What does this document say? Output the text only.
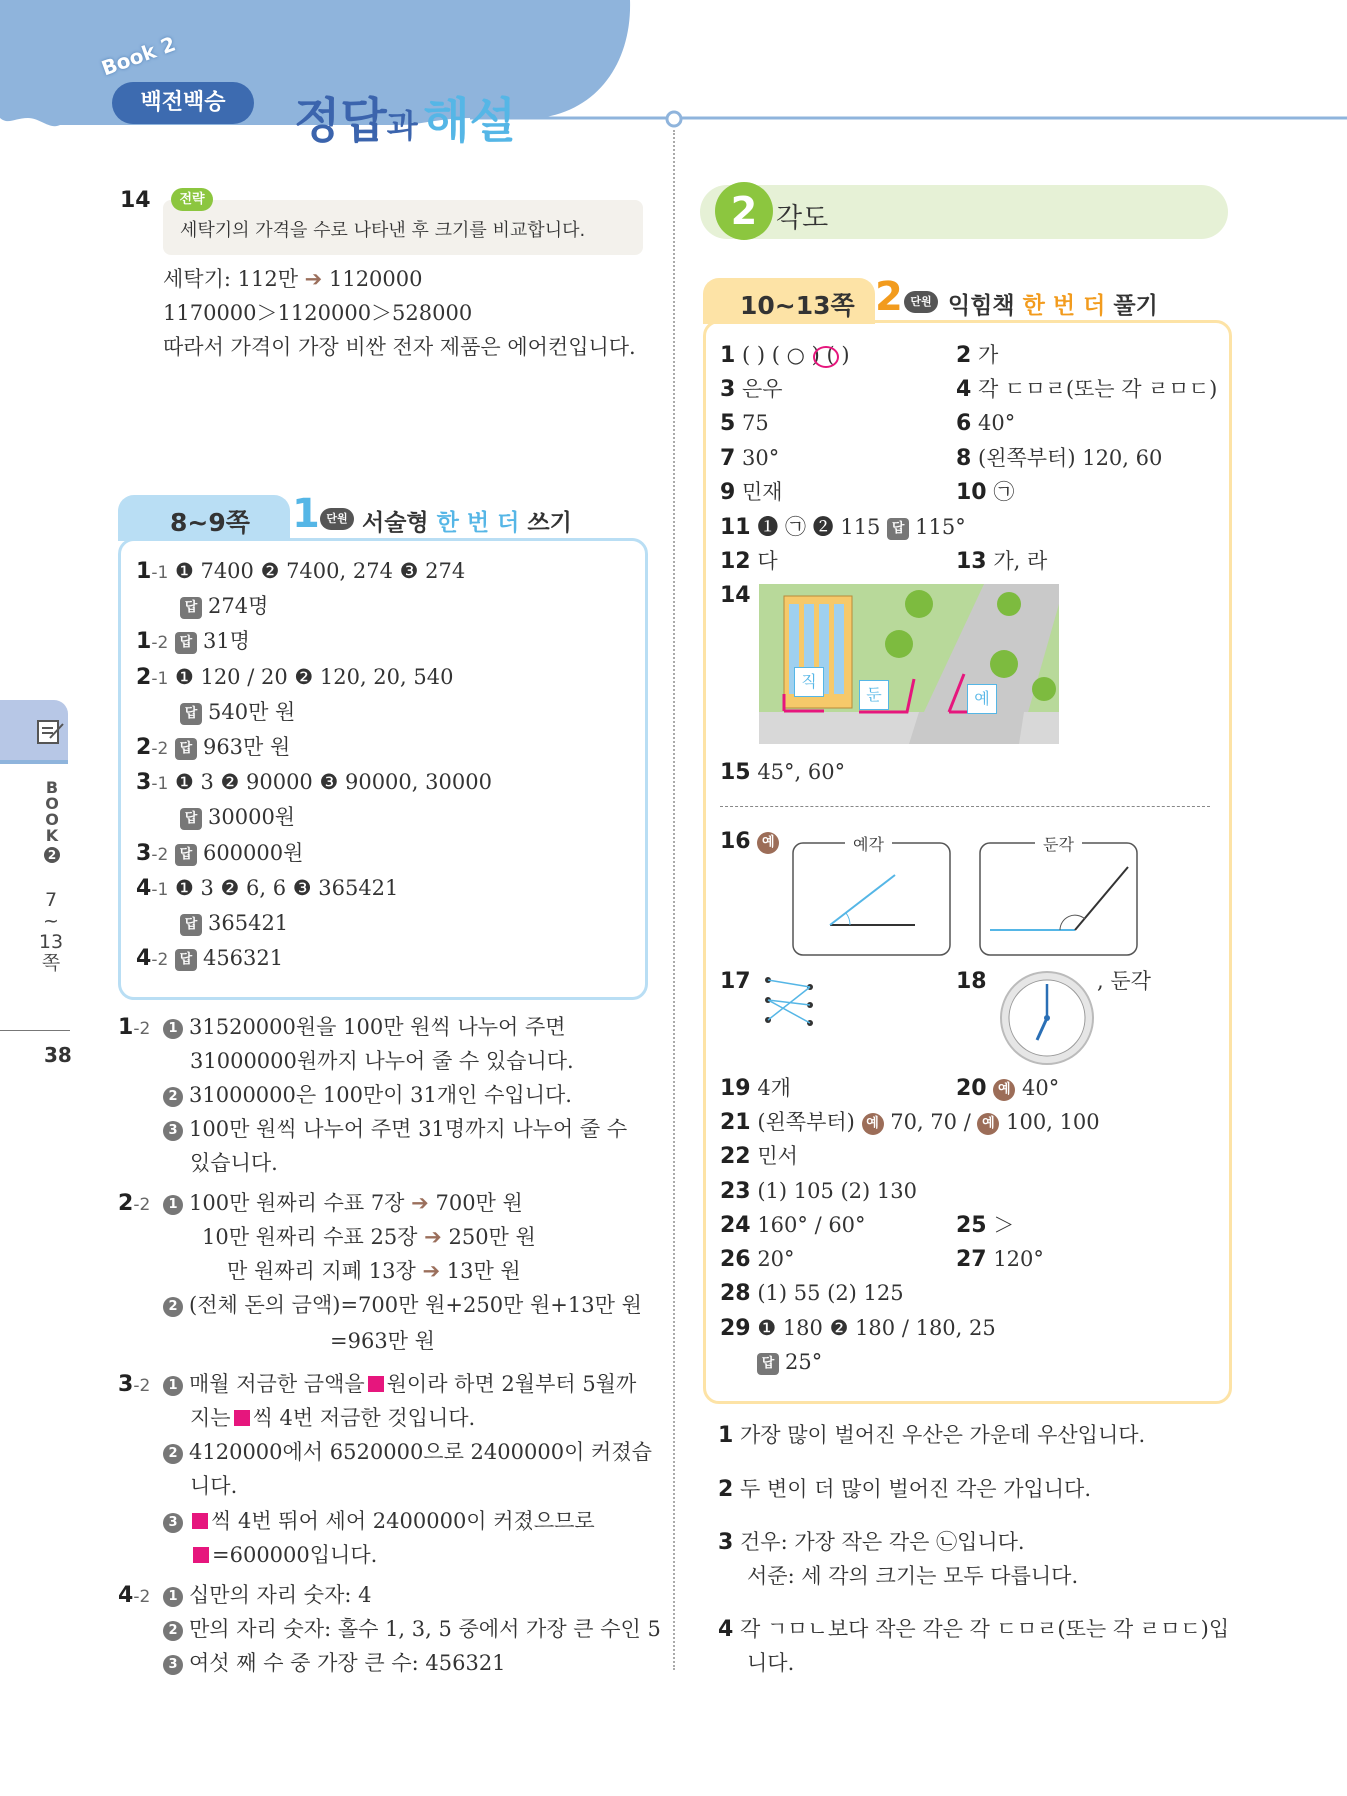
Book 2
백전백승	정답과 해설
BOOK 2
7
~
13
쪽
38
14	전략
세탁기의 가격을 수로 나타낸 후 크기를 비교합니다.
세탁기: 112만 ➔ 1120000
1170000＞1120000＞528000
따라서 가격이 가장 비싼 전자 제품은 에어컨입니다.
8~9쪽 1 단원 서술형 한 번 더 쓰기
1-1 ❶ 7400 ❷ 7400, 274 ❸ 274
답 274명
1-2 답 31명
2-1 ❶ 120 / 20 ❷ 120, 20, 540
답 540만 원
2-2 답 963만 원
3-1 ❶ 3 ❷ 90000 ❸ 90000, 30000
답 30000원
3-2 답 600000원
4-1 ❶ 3 ❷ 6, 6 ❸ 365421
답 365421
4-2 답 456321
1-2	1 31520000원을 100만 원씩 나누어 주면
31000000원까지 나누어 줄 수 있습니다.
2 31000000은 100만이 31개인 수입니다.
3 100만 원씩 나누어 주면 31명까지 나누어 줄 수
있습니다.
2-2	1 100만 원짜리 수표 7장 ➔ 700만 원
10만 원짜리 수표 25장 ➔ 250만 원
만 원짜리 지폐 13장 ➔ 13만 원
2 (전체 돈의 금액)=700만 원+250만 원+13만 원
=963만 원
3-2	1 매월 저금한 금액을 원이라 하면 2월부터 5월까
지는 씩 4번 저금한 것입니다.
2 4120000에서 6520000으로 2400000이 커졌습
니다.
3 씩 4번 뛰어 세어 2400000이 커졌으므로
=600000입니다.
4-2	1 십만의 자리 숫자: 4
2 만의 자리 숫자: 홀수 1, 3, 5 중에서 가장 큰 수인 5
3 여섯 째 수 중 가장 큰 수: 456321
2 각도
10~13쪽 2 단원 익힘책 한 번 더 풀기
1 ( ) ( ○ ) ( )	2 가
3 은우	4 각 ㄷㅁㄹ(또는 각 ㄹㅁㄷ)
5 75	6 40°
7 30°	8 (왼쪽부터) 120, 60
9 민재	10 ㉠
11 ❶ ㉠ ❷ 115 답 115°
12 다	13 가, 라
14
직
둔	예
15 45°, 60°
16 예	예각	둔각
17	18	, 둔각
19 4개	20 예 40°
21 (왼쪽부터) 예 70, 70 / 예 100, 100
22 민서
23 (1) 105 (2) 130
24 160° / 60°	25 ＞
26 20°	27 120°
28 (1) 55 (2) 125
29 ❶ 180 ❷ 180 / 180, 25
답 25°
1 가장 많이 벌어진 우산은 가운데 우산입니다.
2 두 변이 더 많이 벌어진 각은 가입니다.
3 건우: 가장 작은 각은 ㉡입니다.
서준: 세 각의 크기는 모두 다릅니다.
4 각 ㄱㅁㄴ보다 작은 각은 각 ㄷㅁㄹ(또는 각 ㄹㅁㄷ)입
니다.
